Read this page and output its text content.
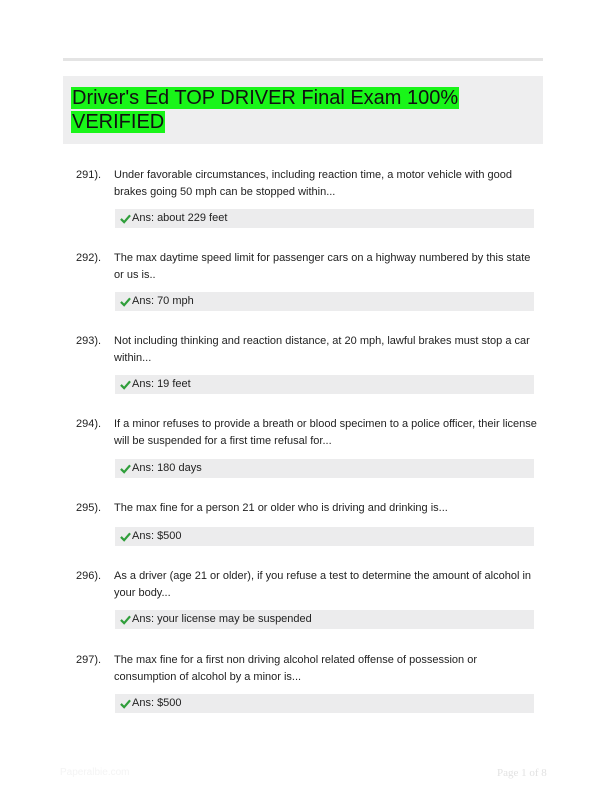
Driver's Ed TOP DRIVER Final Exam 100% VERIFIED
291). Under favorable circumstances, including reaction time, a motor vehicle with good brakes going 50 mph can be stopped within...
Ans: about 229 feet
292). The max daytime speed limit for passenger cars on a highway numbered by this state or us is..
Ans: 70 mph
293). Not including thinking and reaction distance, at 20 mph, lawful brakes must stop a car within...
Ans: 19 feet
294). If a minor refuses to provide a breath or blood specimen to a police officer, their license will be suspended for a first time refusal for...
Ans: 180 days
295). The max fine for a person 21 or older who is driving and drinking is...
Ans: $500
296). As a driver (age 21 or older), if you refuse a test to determine the amount of alcohol in your body...
Ans: your license may be suspended
297). The max fine for a first non driving alcohol related offense of possession or consumption of alcohol by a minor is...
Ans: $500
Paperalbie.com	Page 1 of 8
